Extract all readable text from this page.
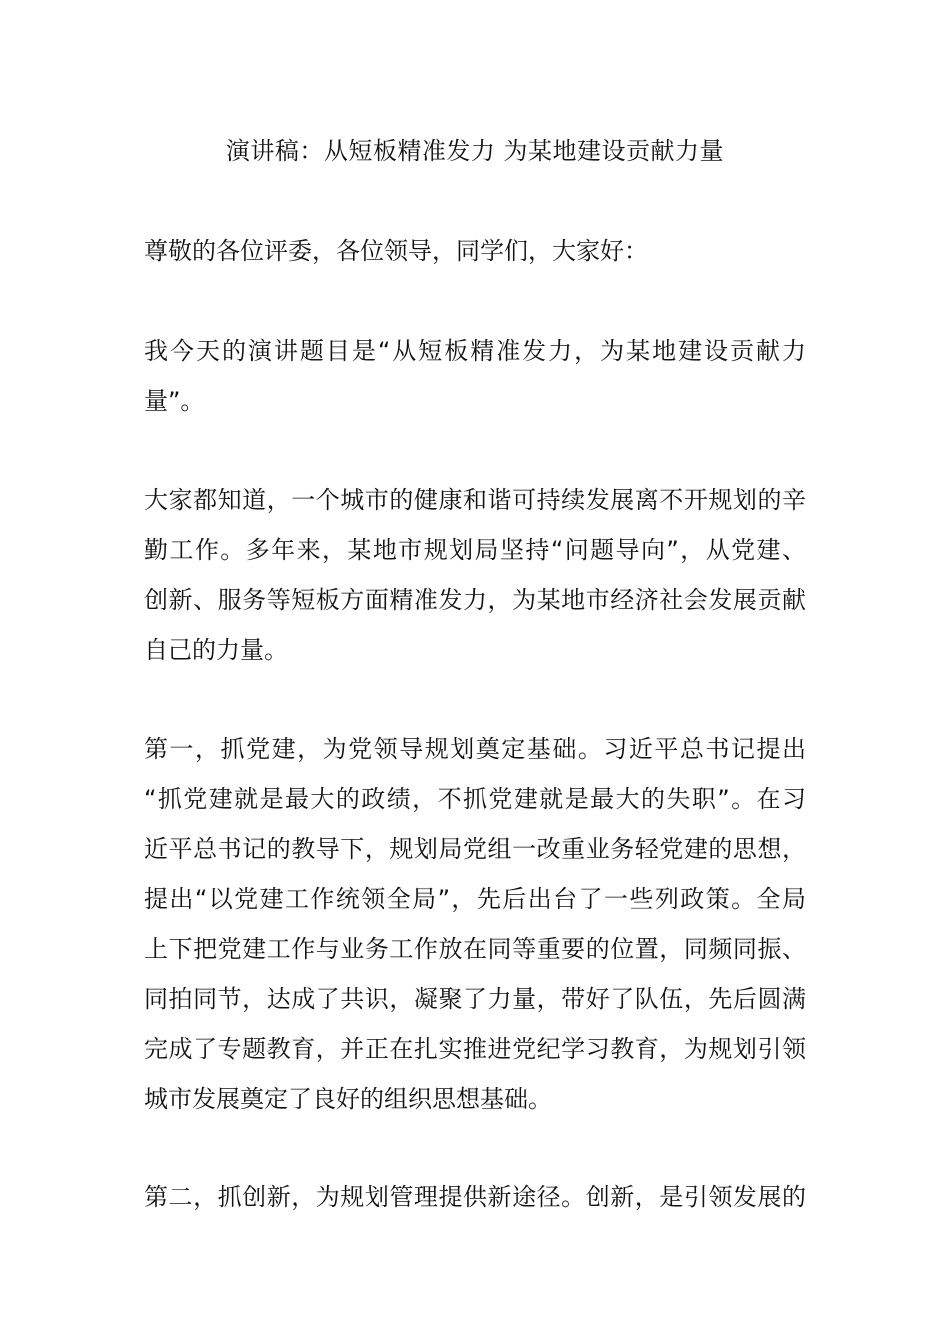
演讲稿：从短板精准发力 为某地建设贡献力量
尊敬的各位评委，各位领导，同学们，大家好：
我今天的演讲题目是“从短板精准发力，为某地建设贡献力
量”。
大家都知道，一个城市的健康和谐可持续发展离不开规划的辛
勤工作。多年来，某地市规划局坚持“问题导向”，从党建、
创新、服务等短板方面精准发力，为某地市经济社会发展贡献
自己的力量。
第一，抓党建，为党领导规划奠定基础。习近平总书记提出
“抓党建就是最大的政绩，不抓党建就是最大的失职”。在习
近平总书记的教导下，规划局党组一改重业务轻党建的思想，
提出“以党建工作统领全局”，先后出台了一些列政策。全局
上下把党建工作与业务工作放在同等重要的位置，同频同振、
同拍同节，达成了共识，凝聚了力量，带好了队伍，先后圆满
完成了专题教育，并正在扎实推进党纪学习教育，为规划引领
城市发展奠定了良好的组织思想基础。
第二，抓创新，为规划管理提供新途径。创新，是引领发展的
